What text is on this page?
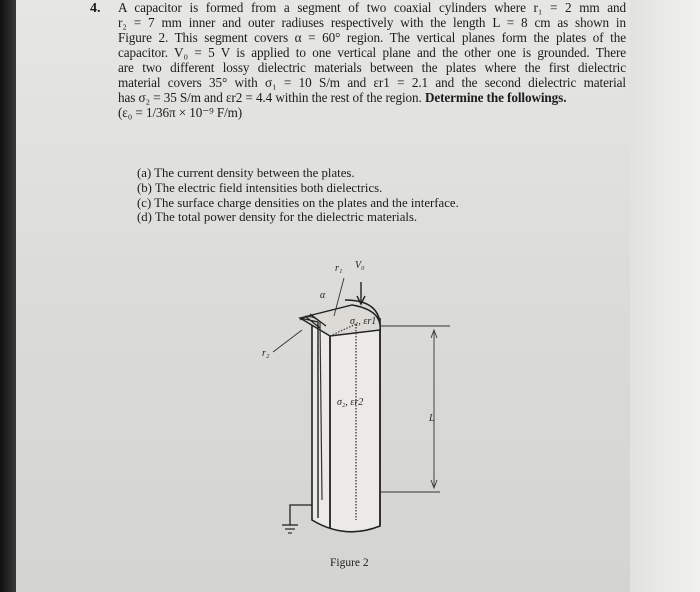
4. A capacitor is formed from a segment of two coaxial cylinders where r₁ = 2 mm and
r₂ = 7 mm inner and outer radiuses respectively with the length L = 8 cm as shown in
Figure 2. This segment covers α = 60° region. The vertical planes form the plates of the
capacitor. V₀ = 5 V is applied to one vertical plane and the other one is grounded. There
are two different lossy dielectric materials between the plates where the first dielectric
material covers 35° with σ₁ = 10 S/m and εr1 = 2.1 and the second dielectric material
has σ₂ = 35 S/m and εr2 = 4.4 within the rest of the region. Determine the followings.
(ε₀ = 1/36π × 10⁻⁹ F/m)
(a) The current density between the plates.
(b) The electric field intensities both dielectrics.
(c) The surface charge densities on the plates and the interface.
(d) The total power density for the dielectric materials.
r₁ V₀
α
r₂
σ₁, εr1
σ₂, εr2
L
Figure 2
